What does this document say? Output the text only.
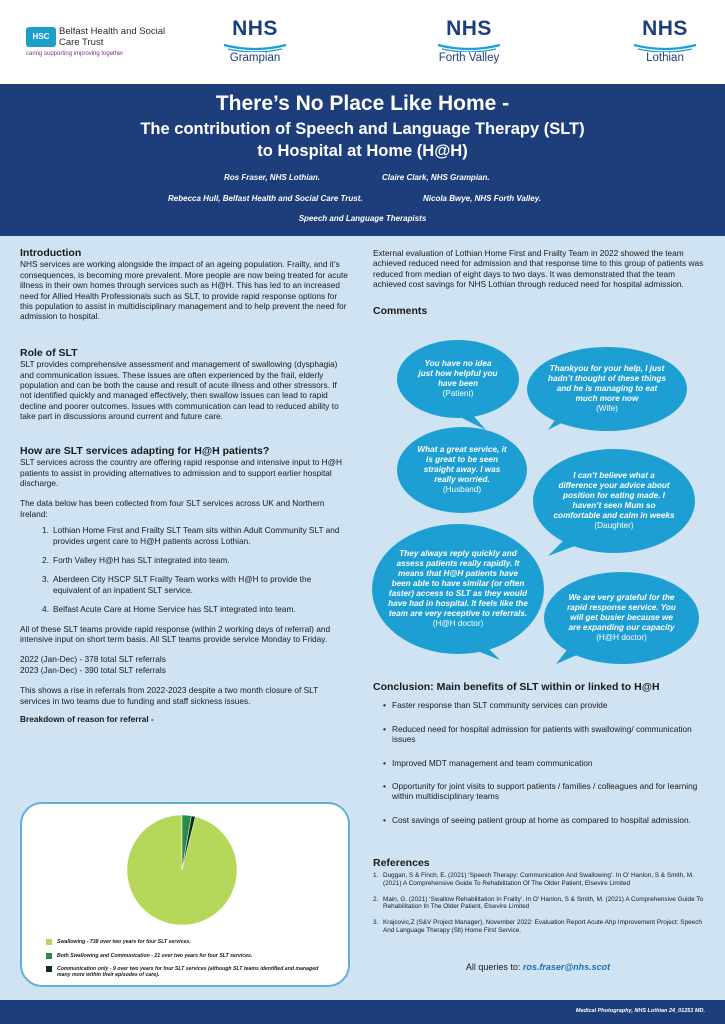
HSC	Belfast Health and Social Care Trust
caring supporting improving together
NHS
Grampian
NHS
Forth Valley
NHS
Lothian
There’s No Place Like Home -
The contribution of Speech and Language Therapy (SLT)
to Hospital at Home (H@H)
Ros Fraser, NHS Lothian.	Claire Clark, NHS Grampian.
Rebecca Hull, Belfast Health and Social Care Trust.	Nicola Bwye, NHS Forth Valley.
Speech and Language Therapists
Introduction
NHS services are working alongside the impact of an ageing population. Frailty, and it’s consequences, is becoming more prevalent. More people are now being treated for acute illness in their own homes through services such as H@H. This has led to an increased need for Allied Health Professionals such as SLT, to provide rapid response options for this population to assist in multidisciplinary management and to help prevent the need for admission to hospital.
Role of SLT
SLT provides comprehensive assessment and management of swallowing (dysphagia) and communication issues. These issues are often experienced by the frail, elderly population and can be both the cause and result of acute illness and other stressors. If not identified quickly and managed effectively, then swallow issues can lead to rapid decline and poorer outcomes. Issues with communication can lead to reduced ability to take part in discussions around current and future care.
How are SLT services adapting for H@H patients?
SLT services across the country are offering rapid response and intensive input to H@H patients to assist in providing alternatives to admission and to support earlier hospital discharge.
The data below has been collected from four SLT services across UK and Northern Ireland:
1. Lothian Home First and Frailty SLT Team sits within Adult Community SLT and provides urgent care to H@H patients across Lothian.
2. Forth Valley H@H has SLT integrated into team.
3. Aberdeen City HSCP SLT Frailty Team works with H@H to provide the equivalent of an inpatient SLT service.
4. Belfast Acute Care at Home Service has SLT integrated into team.
All of these SLT teams provide rapid response (within 2 working days of referral) and intensive input on short term basis. All SLT teams provide service Monday to Friday.
2022 (Jan-Dec) - 378 total SLT referrals
2023 (Jan-Dec) - 390 total SLT referrals
This shows a rise in referrals from 2022-2023 despite a two month closure of SLT services in two teams due to funding and staff sickness issues.
Breakdown of reason for referral -
Swallowing - 738 over two years for four SLT services.
Both Swallowing and Communication - 21 over two years for four SLT services.
Communication only - 9 over two years for four SLT services (although SLT teams identified and managed many more within their episodes of care).
External evaluation of Lothian Home First and Frailty Team in 2022 showed the team achieved reduced need for admission and that response time to this group of patients was reduced from median of eight days to two days. It was demonstrated that the team achieved cost savings for NHS Lothian through reduced need for hospital admission.
Comments
You have no idea just how helpful you have been
(Patient)
Thankyou for your help, I just hadn’t thought of these things and he is managing to eat much more now
(Wife)
What a great service, it is great to be seen straight away. I was really worried.
(Husband)
I can’t believe what a difference your advice about position for eating made. I haven’t seen Mum so comfortable and calm in weeks
(Daughter)
They always reply quickly and assess patients really rapidly. It means that H@H patients have been able to have similar (or often faster) access to SLT as they would have had in hospital. It feels like the team are very receptive to referrals.
(H@H doctor)
We are very grateful for the rapid response service. You will get busier because we are expanding our capacity
(H@H doctor)
Conclusion: Main benefits of SLT within or linked to H@H
• Faster response than SLT community services can provide
• Reduced need for hospital admission for patients with swallowing/ communication issues
• Improved MDT management and team communication
• Opportunity for joint visits to support patients / families / colleagues and for learning within multidisciplinary teams
• Cost savings of seeing patient group at home as compared to hospital admission.
References
1. Duggan, S & Finch, E. (2021) ‘Speech Therapy: Communication And Swallowing’. In O’ Hanlon, S & Smith, M. (2021) A Comprehensive Guide To Rehabilitation Of The Older Patient, Elsevire Limited
2. Main, G. (2021) ‘Swallow Rehabilitation In Frailty’. In O’ Hanlon, S & Smith, M. (2021) A Comprehensive Guide To Rehabilitation In The Older Patient, Elsevire Limited
3. Krajcovic,Z (S&V Project Manager), November 2022: Evaluation Report Acute Ahp Improvement Project: Speech And Language Therapy (Slt) Home First Service.
All queries to: ros.fraser@nhs.scot
Medical Photography, NHS Lothian 24_01251 MD.
